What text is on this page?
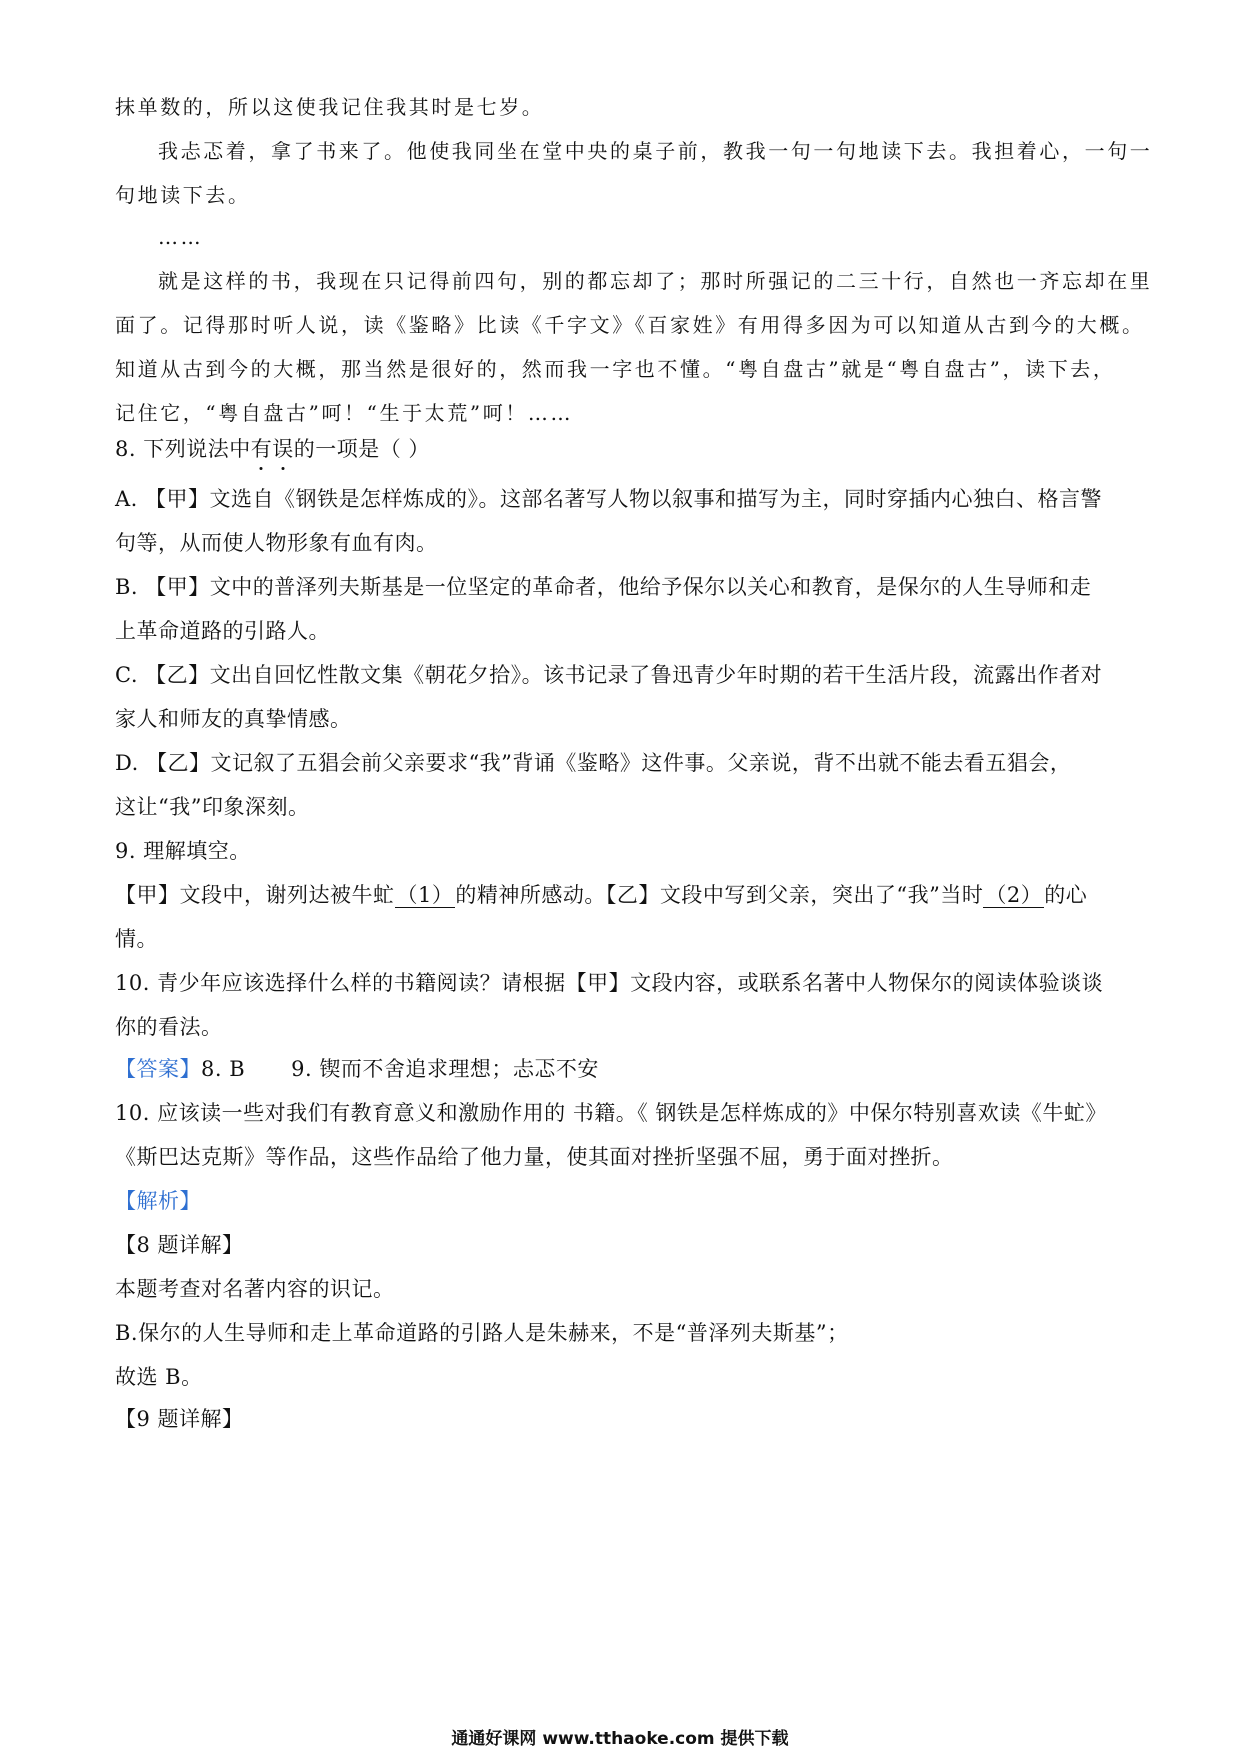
抹单数的，所以这使我记住我其时是七岁。
我忐忑着，拿了书来了。他使我同坐在堂中央的桌子前，教我一句一句地读下去。我担着心，一句一
句地读下去。
……
就是这样的书，我现在只记得前四句，别的都忘却了；那时所强记的二三十行，自然也一齐忘却在里
面了。记得那时听人说，读《鉴略》比读《千字文》《百家姓》有用得多因为可以知道从古到今的大概。
知道从古到今的大概，那当然是很好的，然而我一字也不懂。“粤自盘古”就是“粤自盘古”，读下去，
记住它，“粤自盘古”呵！“生于太荒”呵！……
8. 下列说法中有误的一项是（ ）
A. 【甲】文选自《钢铁是怎样炼成的》。这部名著写人物以叙事和描写为主，同时穿插内心独白、格言警
句等，从而使人物形象有血有肉。
B. 【甲】文中的普泽列夫斯基是一位坚定的革命者，他给予保尔以关心和教育，是保尔的人生导师和走
上革命道路的引路人。
C. 【乙】文出自回忆性散文集《朝花夕拾》。该书记录了鲁迅青少年时期的若干生活片段，流露出作者对
家人和师友的真挚情感。
D. 【乙】文记叙了五猖会前父亲要求“我”背诵《鉴略》这件事。父亲说，背不出就不能去看五猖会，
这让“我”印象深刻。
9. 理解填空。
【甲】文段中，谢列达被牛虻（1）的精神所感动。【乙】文段中写到父亲，突出了“我”当时（2）的心
情。
10. 青少年应该选择什么样的书籍阅读？请根据【甲】文段内容，或联系名著中人物保尔的阅读体验谈谈
你的看法。
【答案】8. B 9. 锲而不舍追求理想；忐忑不安
10. 应该读一些对我们有教育意义和激励作用的 书籍。《 钢铁是怎样炼成的》中保尔特别喜欢读《牛虻》
《斯巴达克斯》等作品，这些作品给了他力量，使其面对挫折坚强不屈，勇于面对挫折。
【解析】
【8 题详解】
本题考查对名著内容的识记。
B.保尔的人生导师和走上革命道路的引路人是朱赫来，不是“普泽列夫斯基”；
故选 B。
【9 题详解】
通通好课网 www.tthaoke.com 提供下载
